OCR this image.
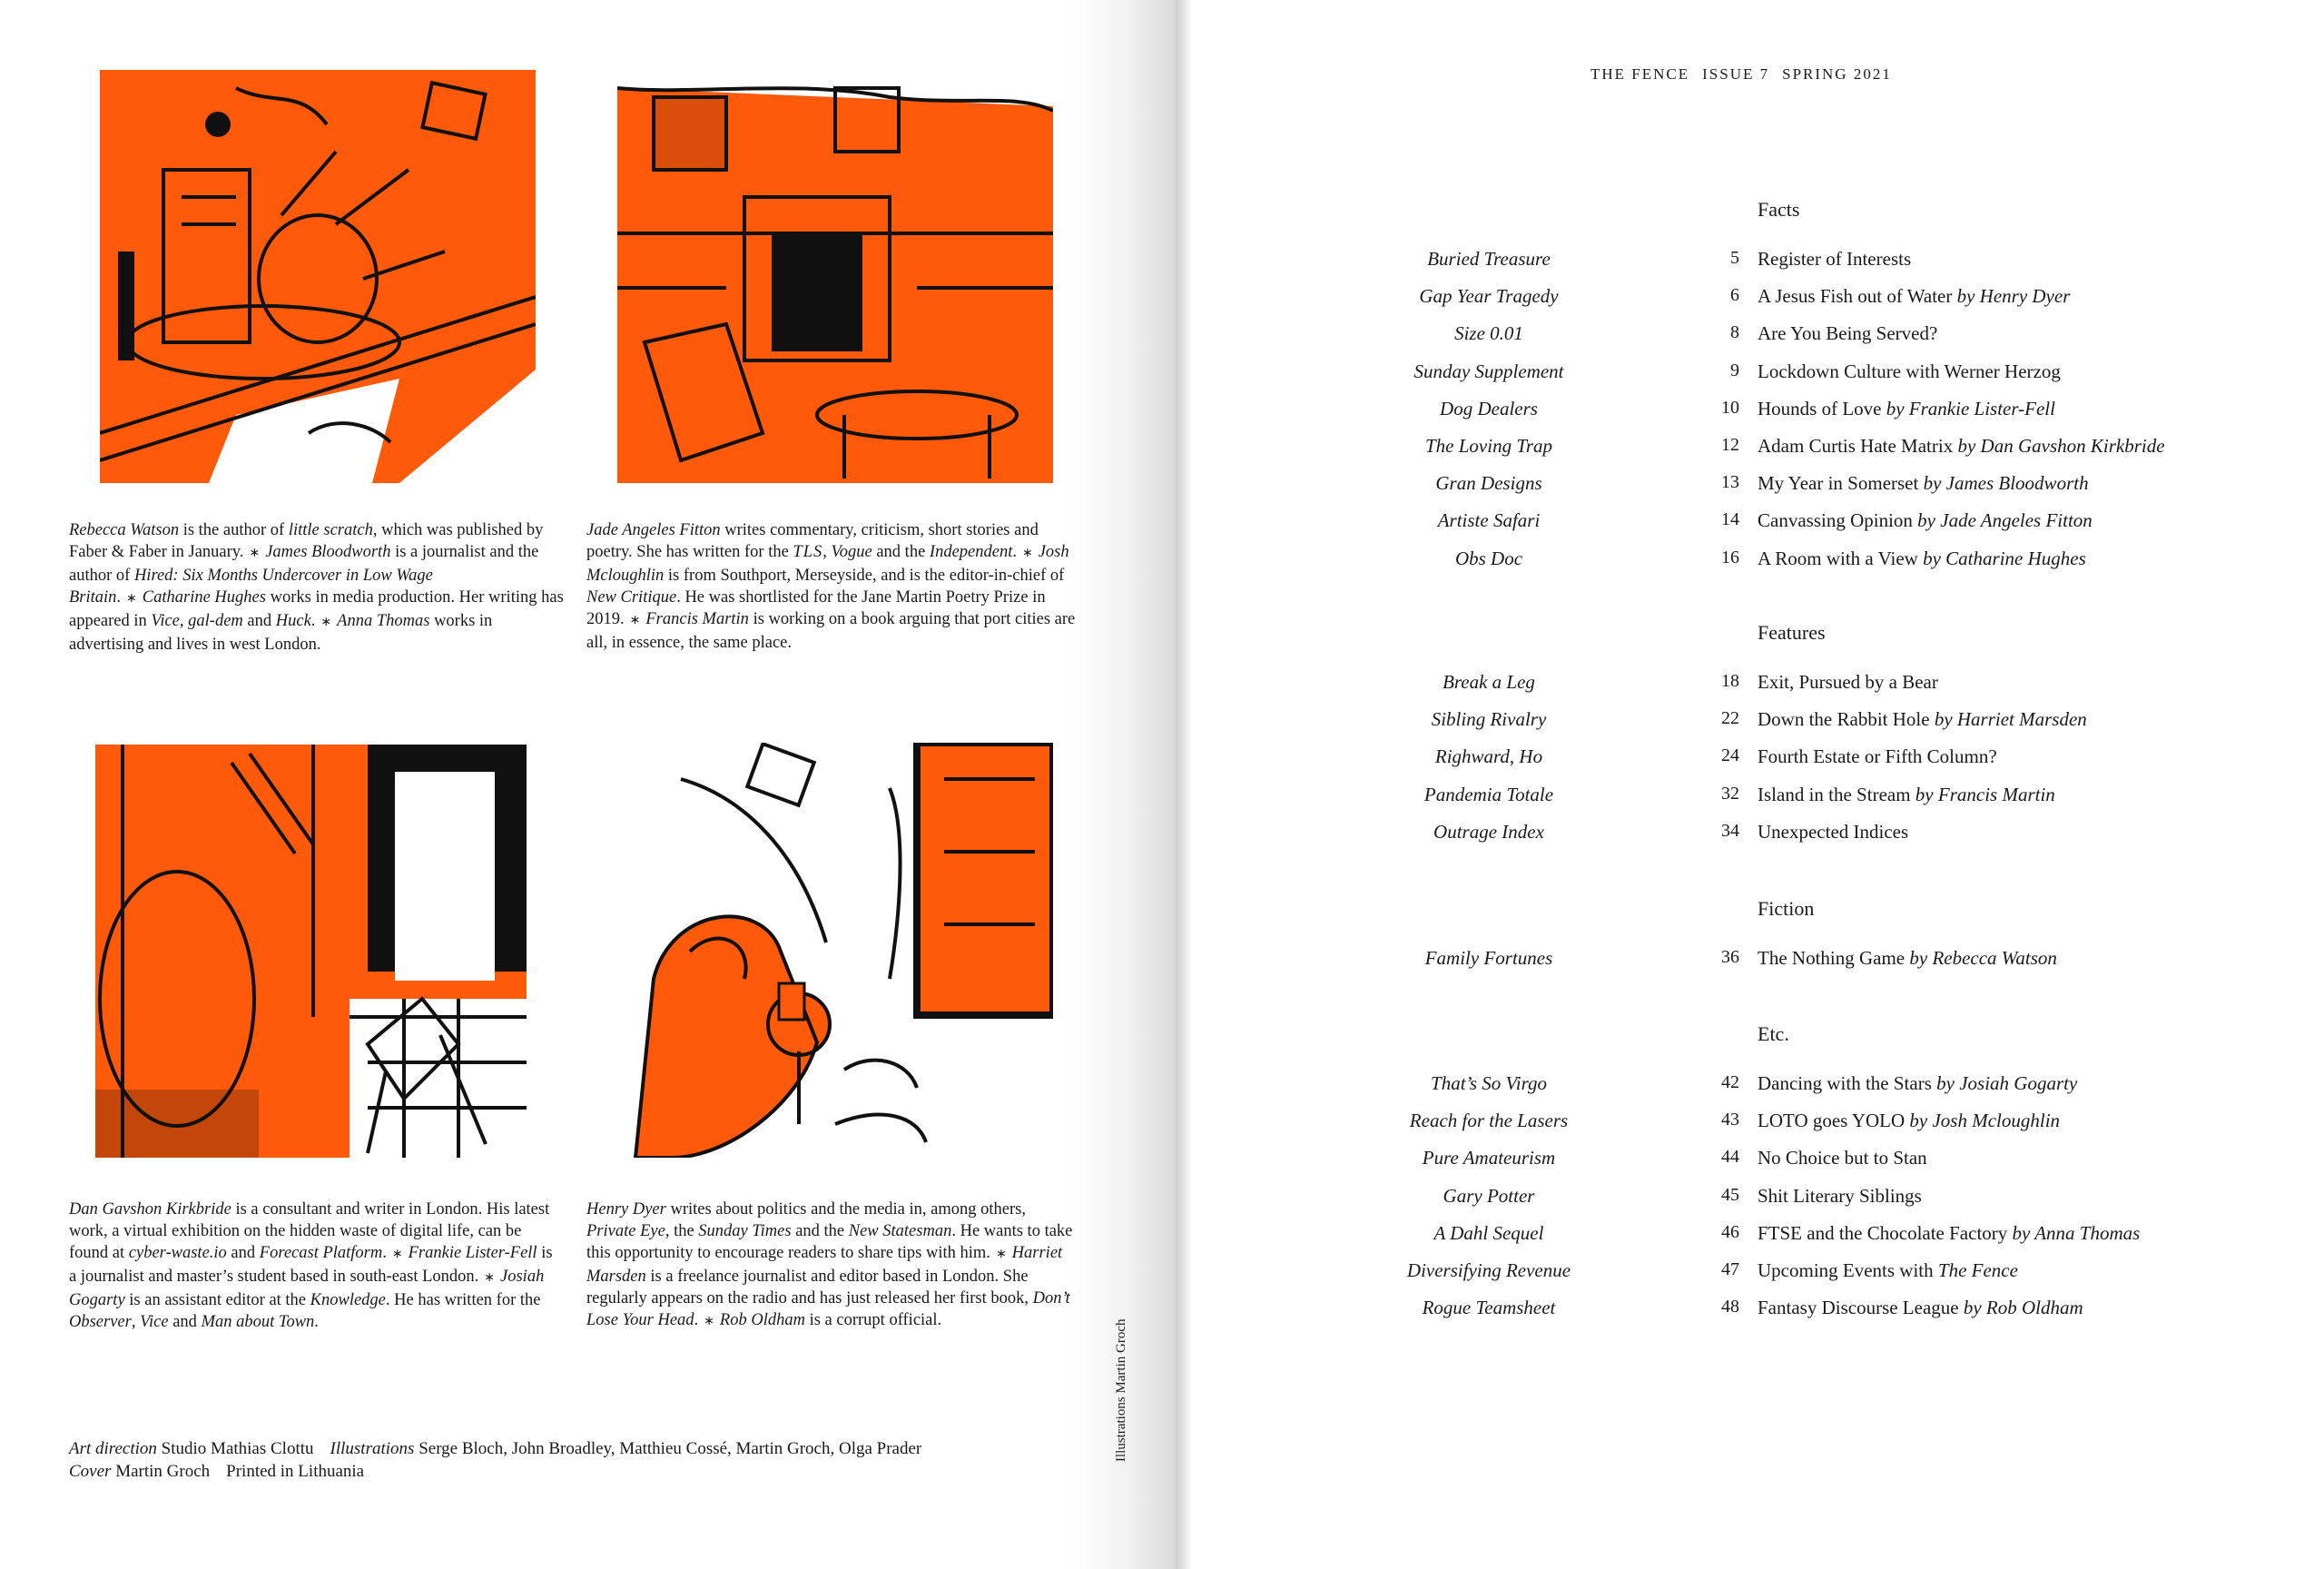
Rebecca Watson is the author of little scratch, which was published by Faber & Faber in January. ∗ James Bloodworth is a journalist and the author of Hired: Six Months Undercover in Low Wage Britain. ∗ Catharine Hughes works in media production. Her writing has appeared in Vice, gal-dem and Huck. ∗ Anna Thomas works in advertising and lives in west London.
Jade Angeles Fitton writes commentary, criticism, short stories and poetry. She has written for the TLS, Vogue and the Independent. ∗ Josh Mcloughlin is from Southport, Merseyside, and is the editor-in-chief of New Critique. He was shortlisted for the Jane Martin Poetry Prize in 2019. ∗ Francis Martin is working on a book arguing that port cities are all, in essence, the same place.
Dan Gavshon Kirkbride is a consultant and writer in London. His latest work, a virtual exhibition on the hidden waste of digital life, can be found at cyber-waste.io and Forecast Platform. ∗ Frankie Lister-Fell is a journalist and master’s student based in south-east London. ∗ Josiah Gogarty is an assistant editor at the Knowledge. He has written for the Observer, Vice and Man about Town.
Henry Dyer writes about politics and the media in, among others, Private Eye, the Sunday Times and the New Statesman. He wants to take this opportunity to encourage readers to share tips with him. ∗ Harriet Marsden is a freelance journalist and editor based in London. She regularly appears on the radio and has just released her first book, Don’t Lose Your Head. ∗ Rob Oldham is a corrupt official.
Art direction Studio Mathias Clottu Illustrations Serge Bloch, John Broadley, Matthieu Cossé, Martin Groch, Olga Prader
Cover Martin Groch Printed in Lithuania
Illustrations Martin Groch
THE FENCE ISSUE 7 SPRING 2021
Facts
Buried Treasure	5 Register of Interests
Gap Year Tragedy	6 A Jesus Fish out of Water by Henry Dyer
Size 0.01	8 Are You Being Served?
Sunday Supplement	9 Lockdown Culture with Werner Herzog
Dog Dealers	10 Hounds of Love by Frankie Lister-Fell
The Loving Trap	12 Adam Curtis Hate Matrix by Dan Gavshon Kirkbride
Gran Designs	13 My Year in Somerset by James Bloodworth
Artiste Safari	14 Canvassing Opinion by Jade Angeles Fitton
Obs Doc	16 A Room with a View by Catharine Hughes
Features
Break a Leg	18 Exit, Pursued by a Bear
Sibling Rivalry	22 Down the Rabbit Hole by Harriet Marsden
Righward, Ho	24 Fourth Estate or Fifth Column?
Pandemia Totale	32 Island in the Stream by Francis Martin
Outrage Index	34 Unexpected Indices
Fiction
Family Fortunes	36 The Nothing Game by Rebecca Watson
Etc.
That’s So Virgo	42 Dancing with the Stars by Josiah Gogarty
Reach for the Lasers	43 LOTO goes YOLO by Josh Mcloughlin
Pure Amateurism	44 No Choice but to Stan
Gary Potter	45 Shit Literary Siblings
A Dahl Sequel	46 FTSE and the Chocolate Factory by Anna Thomas
Diversifying Revenue	47 Upcoming Events with The Fence
Rogue Teamsheet	48 Fantasy Discourse League by Rob Oldham
